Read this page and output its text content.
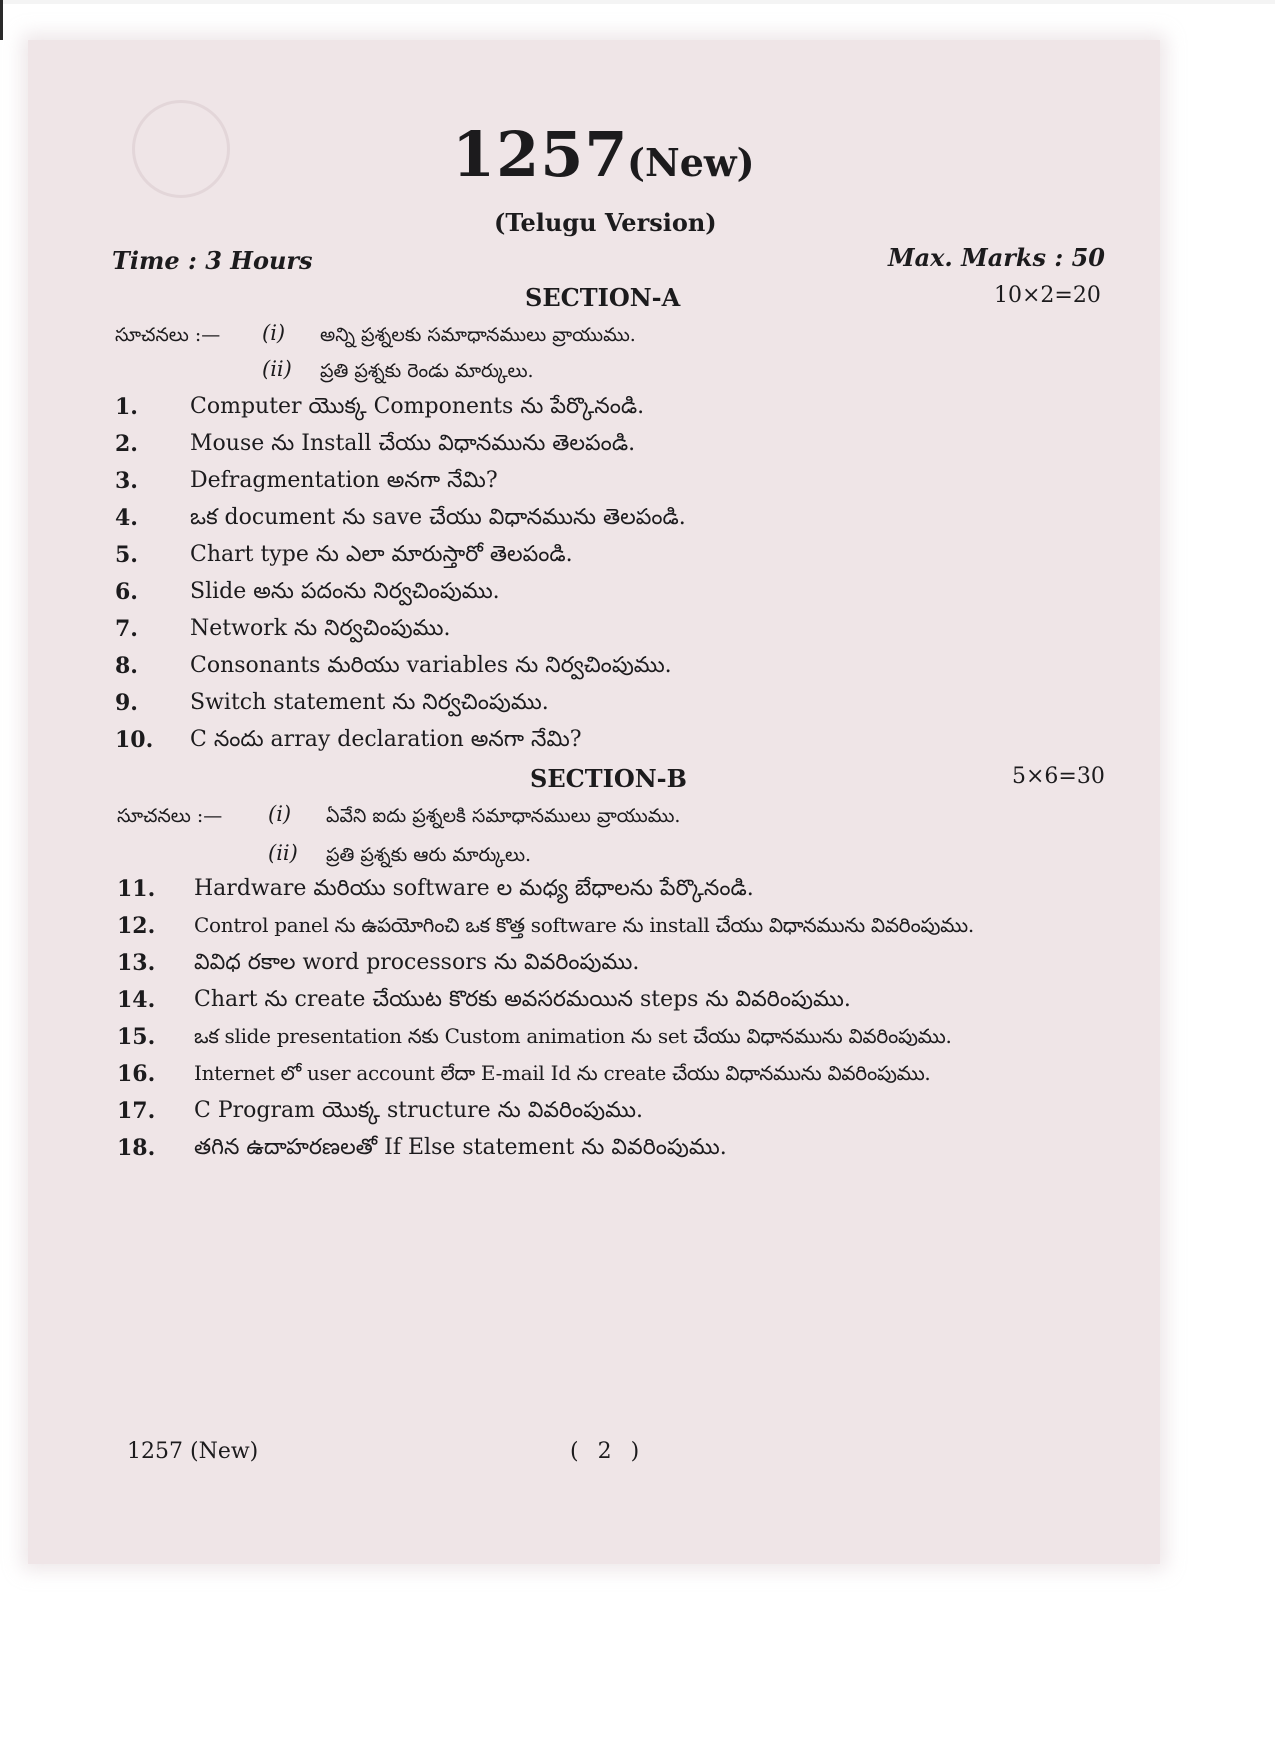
1257
(New)
(Telugu Version)
Time : 3 Hours	Max. Marks : 50
SECTION-A	10×2=20
సూచనలు :— (i) అన్ని ప్రశ్నలకు సమాధానములు వ్రాయుము.
(ii) ప్రతి ప్రశ్నకు రెండు మార్కులు.
1. Computer యొక్క Components ను పేర్కొనండి.
2. Mouse ను Install చేయు విధానమును తెలపండి.
3. Defragmentation అనగా నేమి?
4. ఒక document ను save చేయు విధానమును తెలపండి.
5. Chart type ను ఎలా మారుస్తారో తెలపండి.
6. Slide అను పదంను నిర్వచింపుము.
7. Network ను నిర్వచింపుము.
8. Consonants మరియు variables ను నిర్వచింపుము.
9. Switch statement ను నిర్వచింపుము.
10. C నందు array declaration అనగా నేమి?
SECTION-B	5×6=30
సూచనలు :— (i) ఏవేని ఐదు ప్రశ్నలకి సమాధానములు వ్రాయుము.
(ii) ప్రతి ప్రశ్నకు ఆరు మార్కులు.
11. Hardware మరియు software ల మధ్య బేధాలను పేర్కొనండి.
12. Control panel ను ఉపయోగించి ఒక కొత్త software ను install చేయు విధానమును వివరింపుము.
13. వివిధ రకాల word processors ను వివరింపుము.
14. Chart ను create చేయుట కొరకు అవసరమయిన steps ను వివరింపుము.
15. ఒక slide presentation నకు Custom animation ను set చేయు విధానమును వివరింపుము.
16. Internet లో user account లేదా E-mail Id ను create చేయు విధానమును వివరింపుము.
17. C Program యొక్క structure ను వివరింపుము.
18. తగిన ఉదాహరణలతో If Else statement ను వివరింపుము.
1257 (New)	( 2 )
